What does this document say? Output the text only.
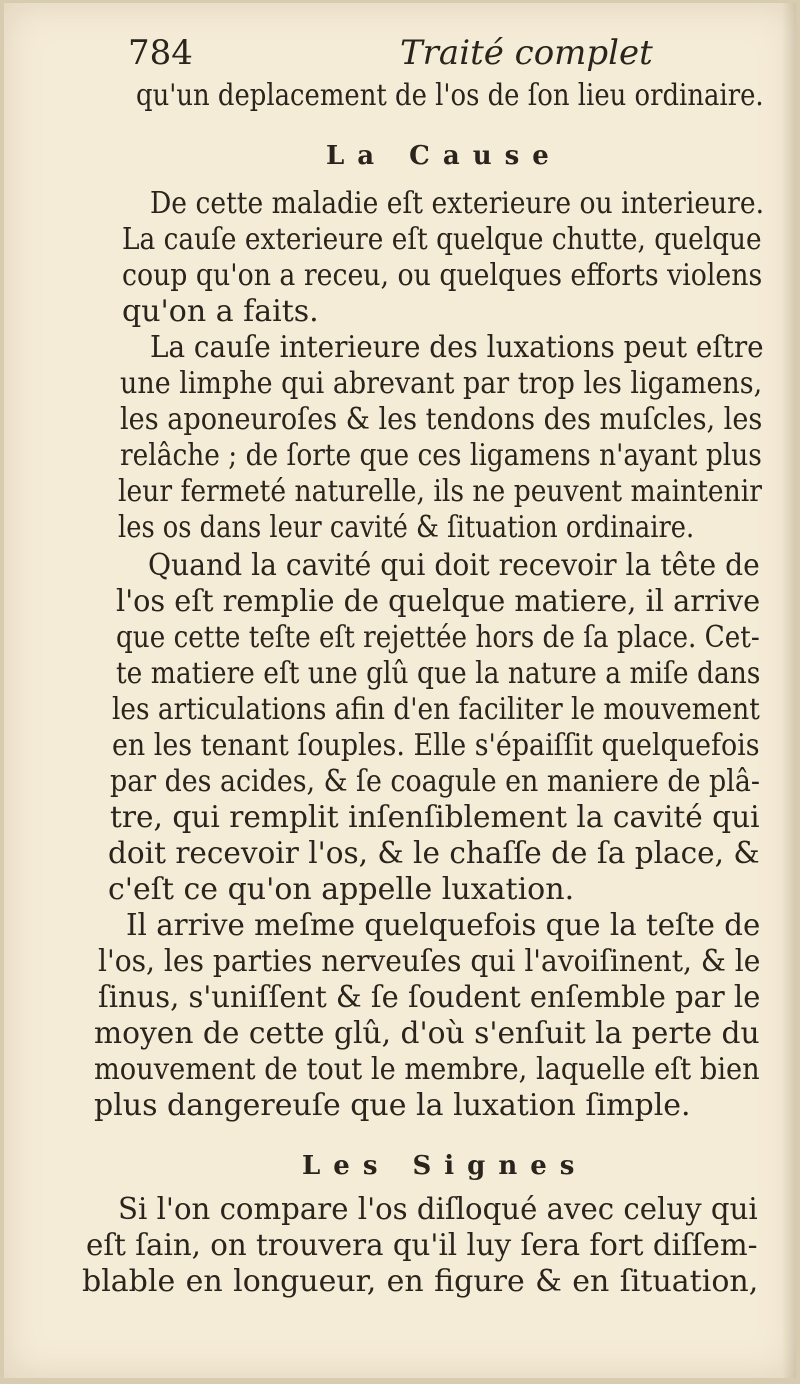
784	Traité complet
qu'un deplacement de l'os de ſon lieu ordinaire.
La Cause
De cette maladie eſt exterieure ou interieure.
La cauſe exterieure eſt quelque chutte, quelque
coup qu'on a receu, ou quelques efforts violens
qu'on a faits.
La cauſe interieure des luxations peut eſtre
une limphe qui abrevant par trop les ligamens,
les aponeuroſes & les tendons des muſcles, les
relâche ; de ſorte que ces ligamens n'ayant plus
leur fermeté naturelle, ils ne peuvent maintenir
les os dans leur cavité & ſituation ordinaire.
Quand la cavité qui doit recevoir la tête de
l'os eſt remplie de quelque matiere, il arrive
que cette teſte eſt rejettée hors de ſa place. Cet-
te matiere eſt une glû que la nature a miſe dans
les articulations afin d'en faciliter le mouvement
en les tenant ſouples. Elle s'épaiſſit quelquefois
par des acides, & ſe coagule en maniere de plâ-
tre, qui remplit inſenſiblement la cavité qui
doit recevoir l'os, & le chaſſe de ſa place, &
c'eſt ce qu'on appelle luxation.
Il arrive meſme quelquefois que la teſte de
l'os, les parties nerveuſes qui l'avoiſinent, & le
ſinus, s'uniſſent & ſe ſoudent enſemble par le
moyen de cette glû, d'où s'enſuit la perte du
mouvement de tout le membre, laquelle eſt bien
plus dangereuſe que la luxation ſimple.
Les Signes
Si l'on compare l'os diſloqué avec celuy qui
eſt ſain, on trouvera qu'il luy ſera fort diſſem-
blable en longueur, en figure & en ſituation,
